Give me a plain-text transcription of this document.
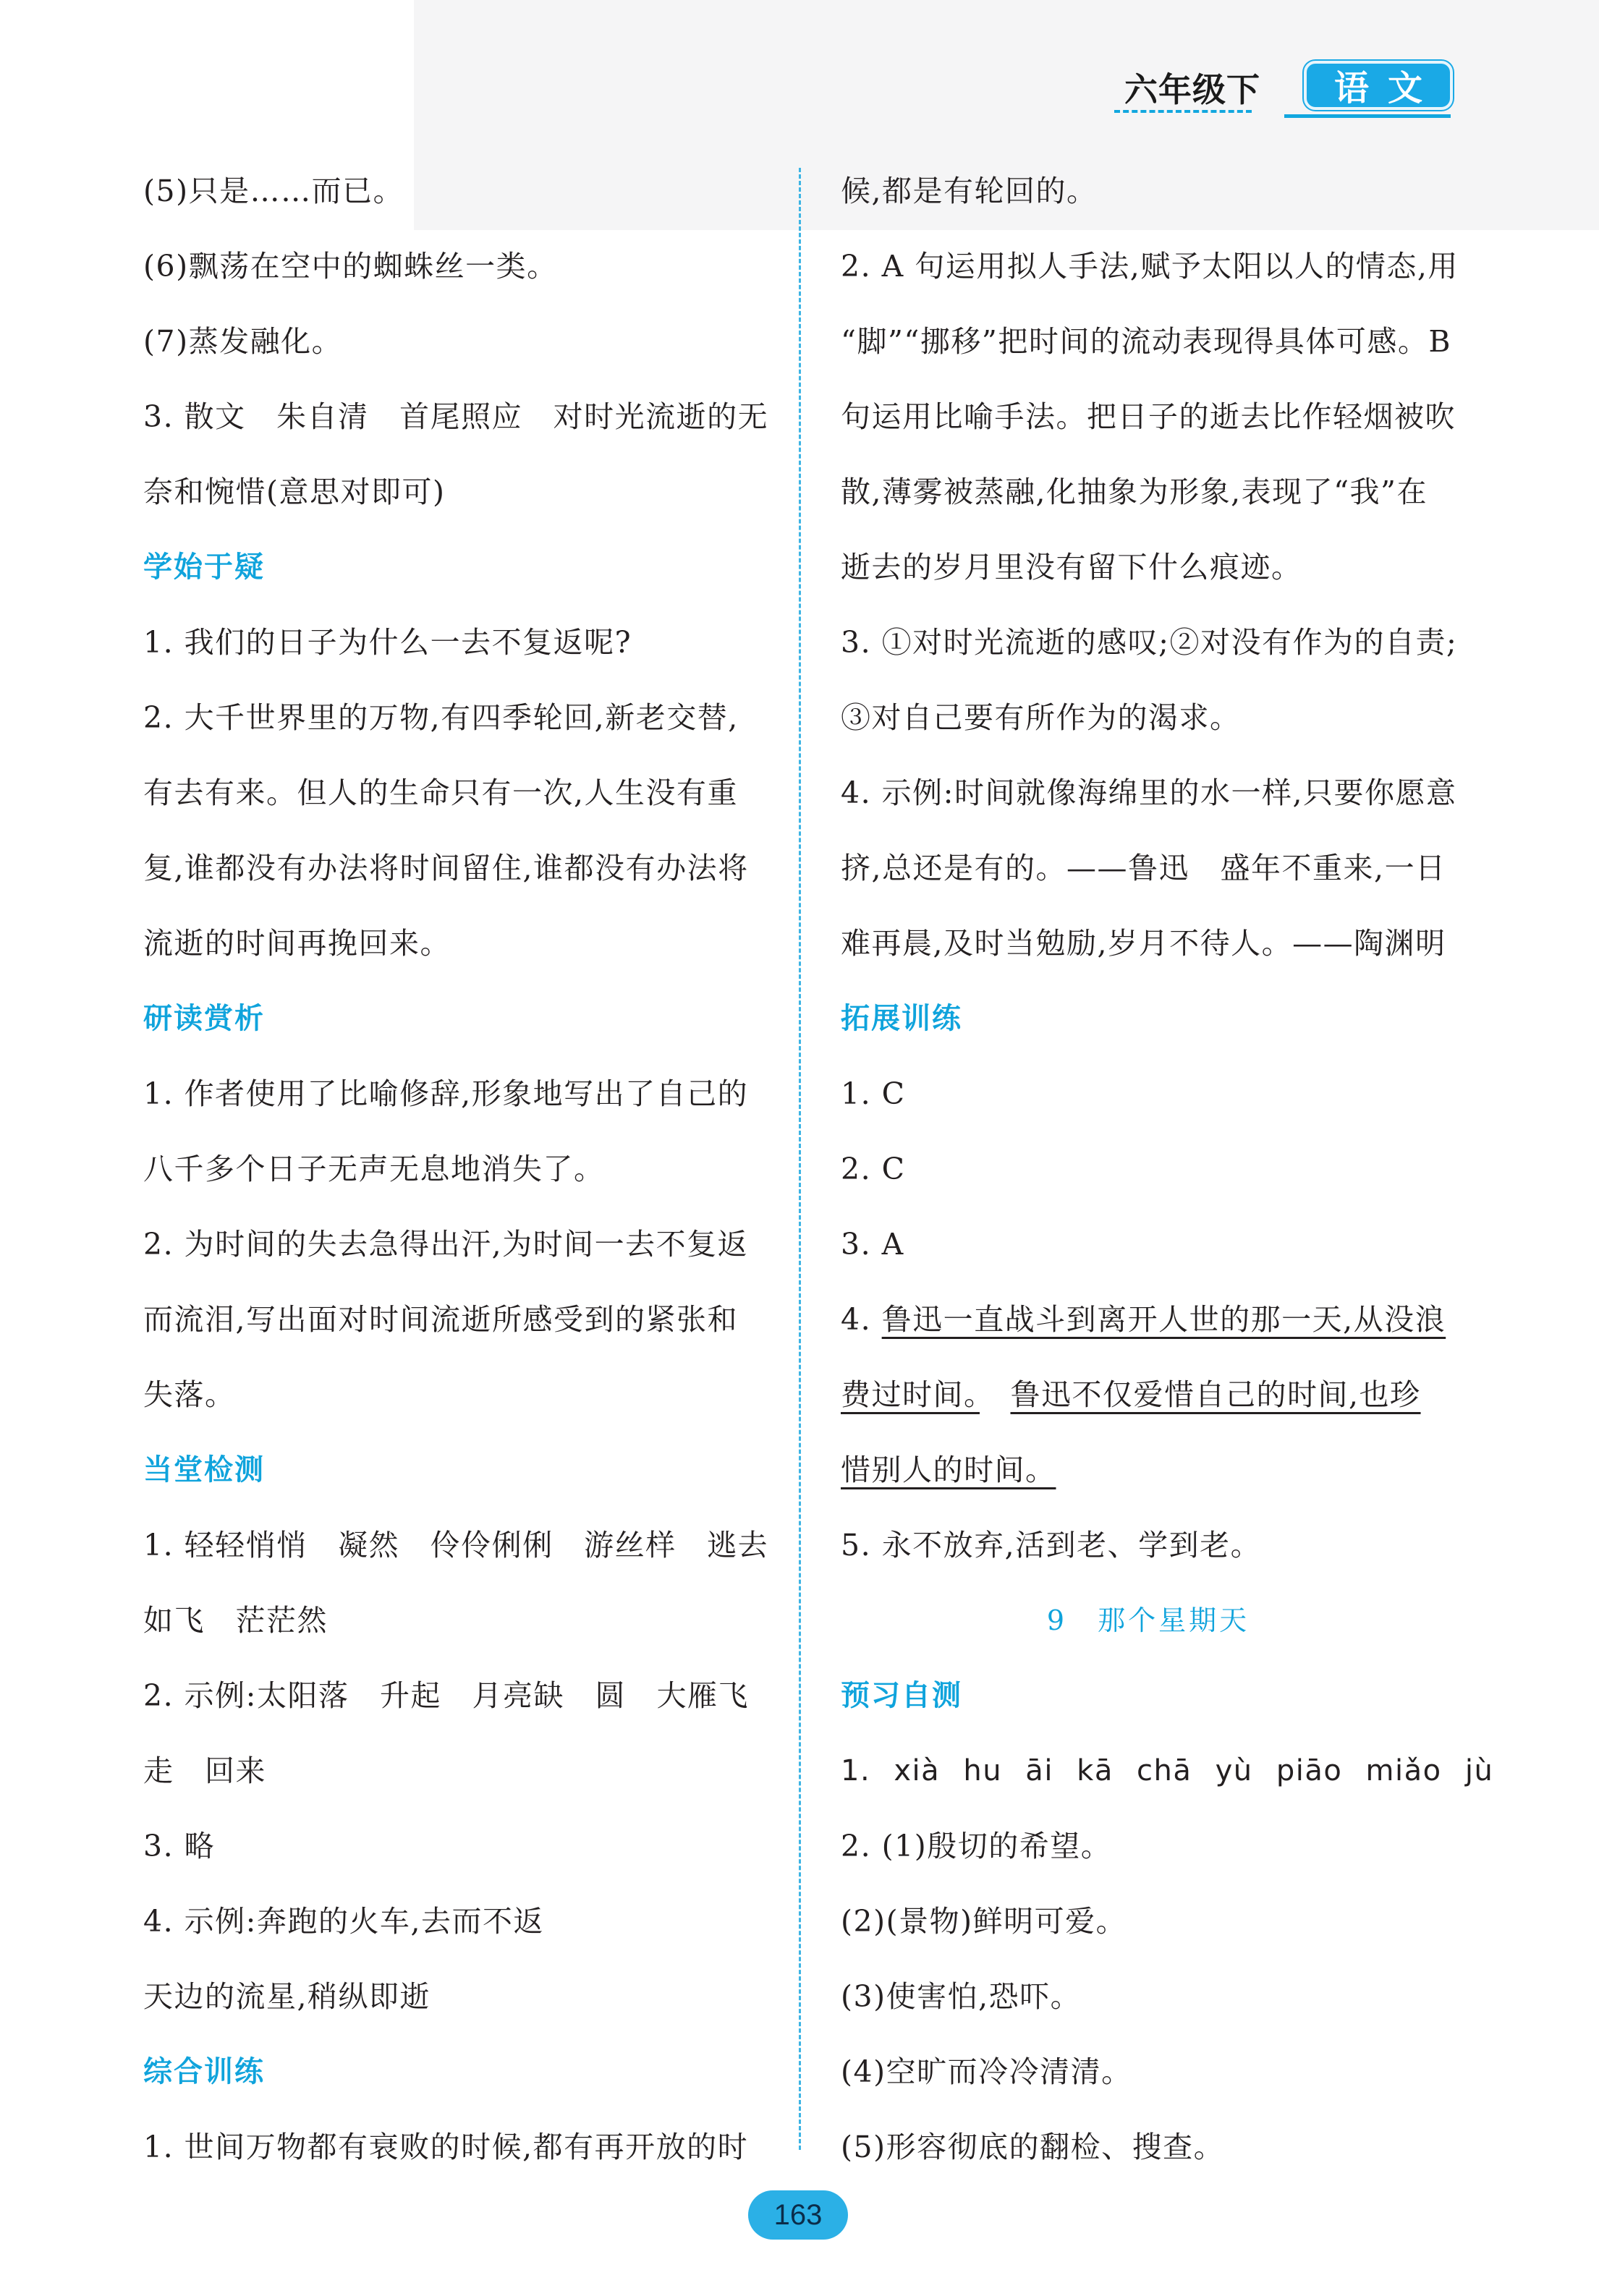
六年级下	语文
(5)只是……而已。
(6)飘荡在空中的蜘蛛丝一类。
(7)蒸发融化。
3. 散文　朱自清　首尾照应　对时光流逝的无
奈和惋惜(意思对即可)
学始于疑
1. 我们的日子为什么一去不复返呢?
2. 大千世界里的万物,有四季轮回,新老交替,
有去有来。但人的生命只有一次,人生没有重
复,谁都没有办法将时间留住,谁都没有办法将
流逝的时间再挽回来。
研读赏析
1. 作者使用了比喻修辞,形象地写出了自己的
八千多个日子无声无息地消失了。
2. 为时间的失去急得出汗,为时间一去不复返
而流泪,写出面对时间流逝所感受到的紧张和
失落。
当堂检测
1. 轻轻悄悄　凝然　伶伶俐俐　游丝样　逃去
如飞　茫茫然
2. 示例:太阳落　升起　月亮缺　圆　大雁飞
走　回来
3. 略
4. 示例:奔跑的火车,去而不返
天边的流星,稍纵即逝
综合训练
1. 世间万物都有衰败的时候,都有再开放的时
候,都是有轮回的。
2. A 句运用拟人手法,赋予太阳以人的情态,用
“脚”“挪移”把时间的流动表现得具体可感。B
句运用比喻手法。把日子的逝去比作轻烟被吹
散,薄雾被蒸融,化抽象为形象,表现了“我”在
逝去的岁月里没有留下什么痕迹。
3. ①对时光流逝的感叹;②对没有作为的自责;
③对自己要有所作为的渴求。
4. 示例:时间就像海绵里的水一样,只要你愿意
挤,总还是有的。——鲁迅　盛年不重来,一日
难再晨,及时当勉励,岁月不待人。——陶渊明
拓展训练
1. C
2. C
3. A
4. 鲁迅一直战斗到离开人世的那一天,从没浪
费过时间。　 鲁迅不仅爱惜自己的时间,也珍
惜别人的时间。
5. 永不放弃,活到老、学到老。
9　那个星期天
预习自测
1. xià hu āi kā chā yù piāo miǎo jù
2. (1)殷切的希望。
(2)(景物)鲜明可爱。
(3)使害怕,恐吓。
(4)空旷而冷冷清清。
(5)形容彻底的翻检、搜查。
163
